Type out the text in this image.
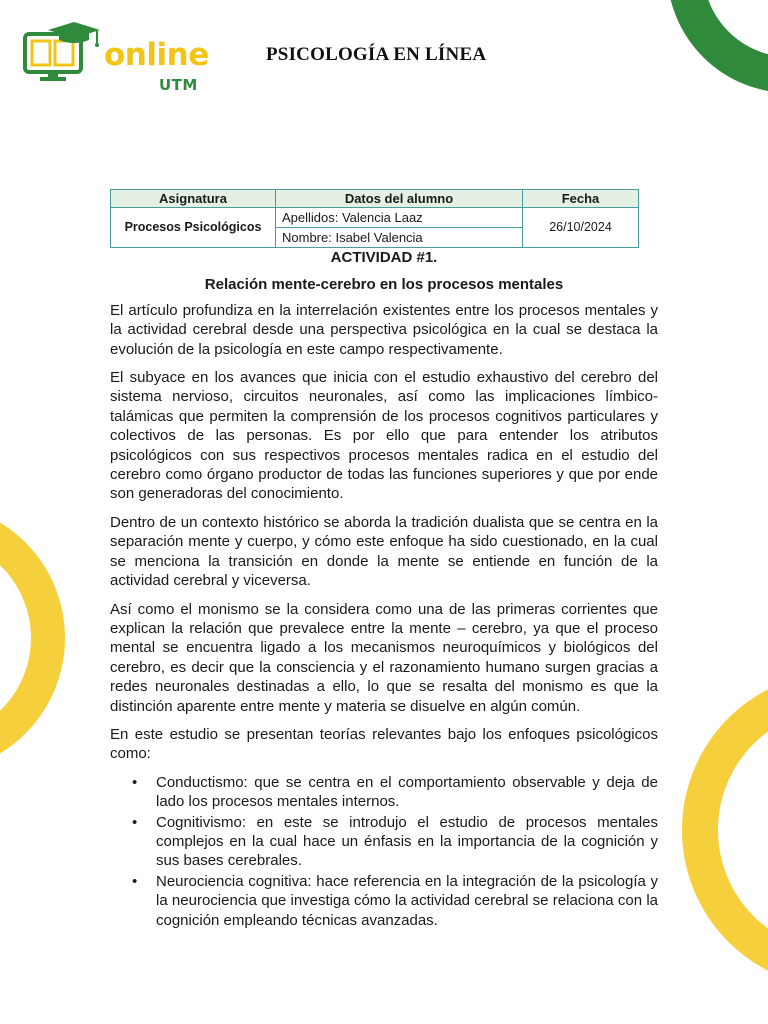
online
UTM
PSICOLOGÍA EN LÍNEA
Asignatura	Datos del alumno	Fecha
Procesos Psicológicos	Apellidos: Valencia Laaz	26/10/2024
	Nombre: Isabel Valencia	

ACTIVIDAD #1.

Relación mente-cerebro en los procesos mentales

El artículo profundiza en la interrelación existentes entre los procesos mentales y la actividad cerebral desde una perspectiva psicológica en la cual se destaca la evolución de la psicología en este campo respectivamente.

El subyace en los avances que inicia con el estudio exhaustivo del cerebro del sistema nervioso, circuitos neuronales, así como las implicaciones límbico-talámicas que permiten la comprensión de los procesos cognitivos particulares y colectivos de las personas. Es por ello que para entender los atributos psicológicos con sus respectivos procesos mentales radica en el estudio del cerebro como órgano productor de todas las funciones superiores y que por ende son generadoras del conocimiento.

Dentro de un contexto histórico se aborda la tradición dualista que se centra en la separación mente y cuerpo, y cómo este enfoque ha sido cuestionado, en la cual se menciona la transición en donde la mente se entiende en función de la actividad cerebral y viceversa.

Así como el monismo se la considera como una de las primeras corrientes que explican la relación que prevalece entre la mente – cerebro, ya que el proceso mental se encuentra ligado a los mecanismos neuroquímicos y biológicos del cerebro, es decir que la consciencia y el razonamiento humano surgen gracias a redes neuronales destinadas a ello, lo que se resalta del monismo es que la distinción aparente entre mente y materia se disuelve en algún común.

En este estudio se presentan teorías relevantes bajo los enfoques psicológicos como:

• Conductismo: que se centra en el comportamiento observable y deja de lado los procesos mentales internos.
• Cognitivismo: en este se introdujo el estudio de procesos mentales complejos en la cual hace un énfasis en la importancia de la cognición y sus bases cerebrales.
• Neurociencia cognitiva: hace referencia en la integración de la psicología y la neurociencia que investiga cómo la actividad cerebral se relaciona con la cognición empleando técnicas avanzadas.
